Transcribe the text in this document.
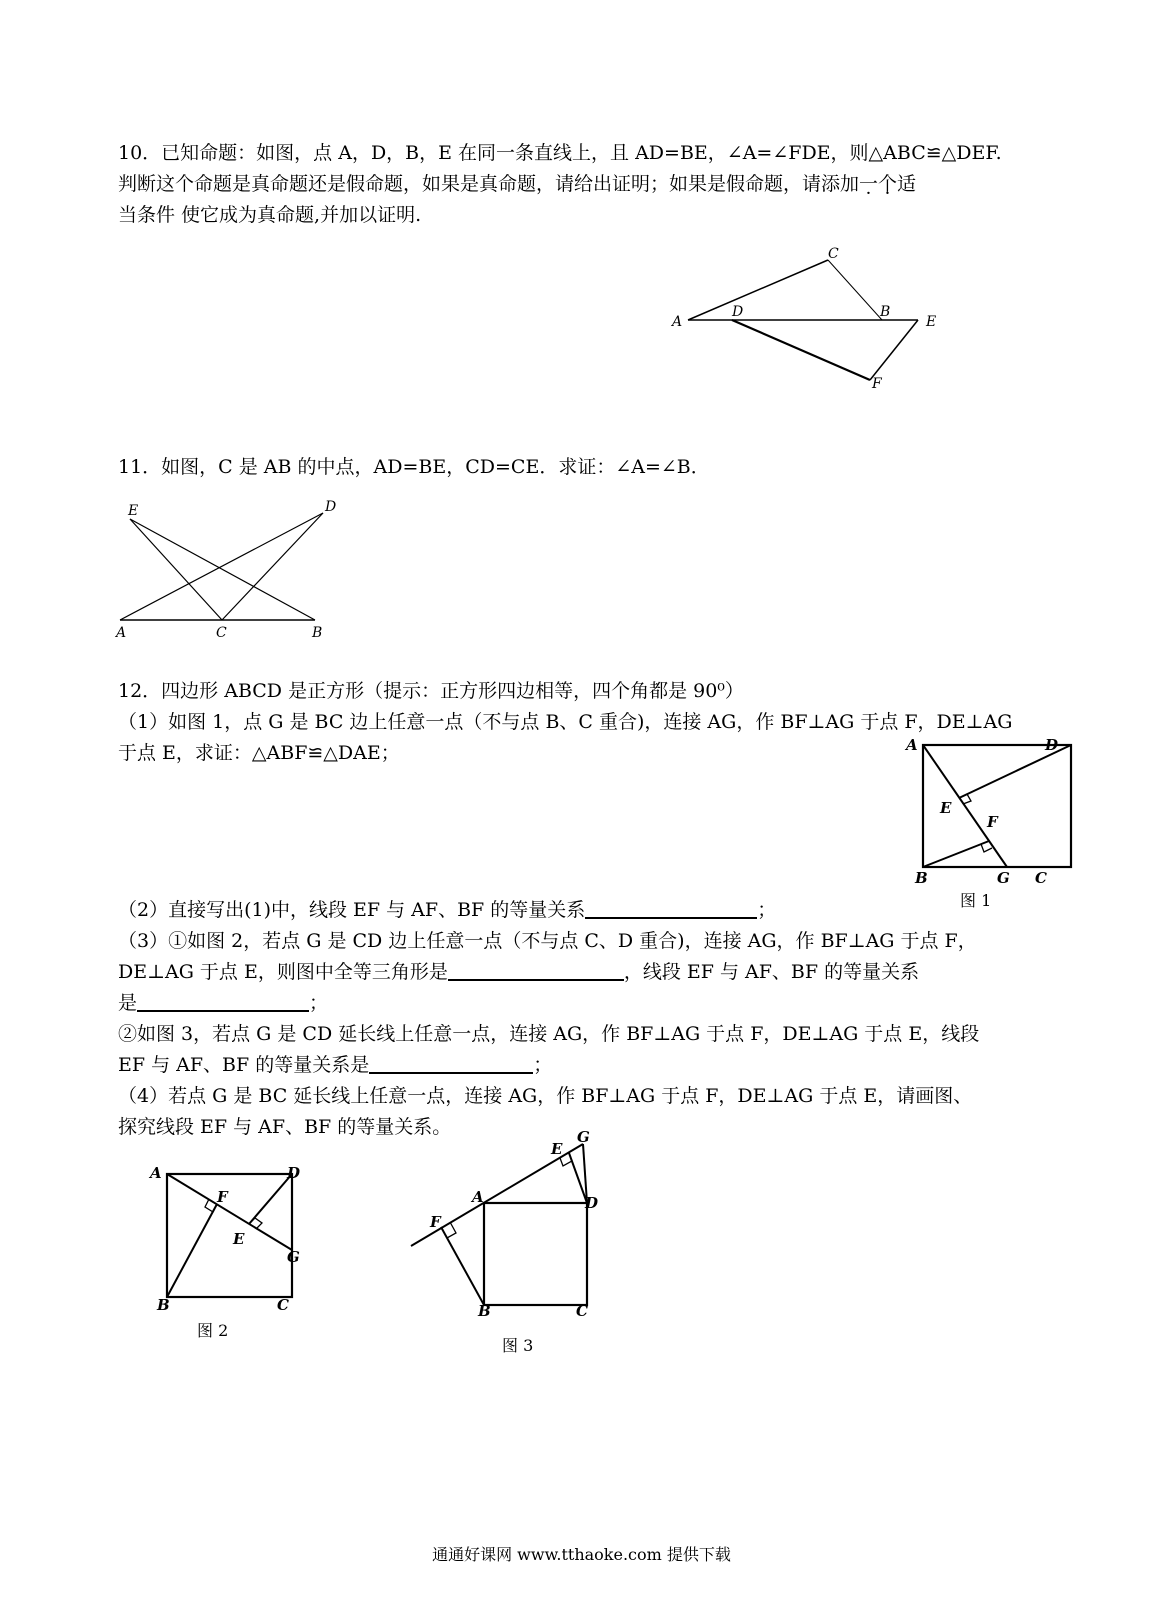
10．已知命题：如图，点 A，D，B，E 在同一条直线上，且 AD=BE，∠A=∠FDE，则△ABC≌△DEF.
判断这个命题是真命题还是假命题，如果是真命题，请给出证明；如果是假命题，请添加一个适
当条件 使它成为真命题,并加以证明.
A
D	B
E
C
F
11．如图，C 是 AB 的中点，AD=BE，CD=CE．求证：∠A=∠B．
E	D
A	C	B
12．四边形 ABCD 是正方形（提示：正方形四边相等，四个角都是 90⁰）
（1）如图 1，点 G 是 BC 边上任意一点（不与点 B、C 重合)，连接 AG，作 BF⊥AG 于点 F，DE⊥AG
于点 E，求证：△ABF≌△DAE；	A	D
E
F
B	G C
图 1
（2）直接写出(1)中，线段 EF 与 AF、BF 的等量关系	；
（3）①如图 2，若点 G 是 CD 边上任意一点（不与点 C、D 重合)，连接 AG，作 BF⊥AG 于点 F，
DE⊥AG 于点 E，则图中全等三角形是	，线段 EF 与 AF、BF 的等量关系
是	；
②如图 3，若点 G 是 CD 延长线上任意一点，连接 AG，作 BF⊥AG 于点 F，DE⊥AG 于点 E，线段
EF 与 AF、BF 的等量关系是	；
（4）若点 G 是 BC 延长线上任意一点，连接 AG，作 BF⊥AG 于点 F，DE⊥AG 于点 E，请画图、
探究线段 EF 与 AF、BF 的等量关系。
A	D
F
E
G
B	C
图 2
G
E
A	D
F
B	C
图 3
通通好课网 www.tthaoke.com 提供下载
